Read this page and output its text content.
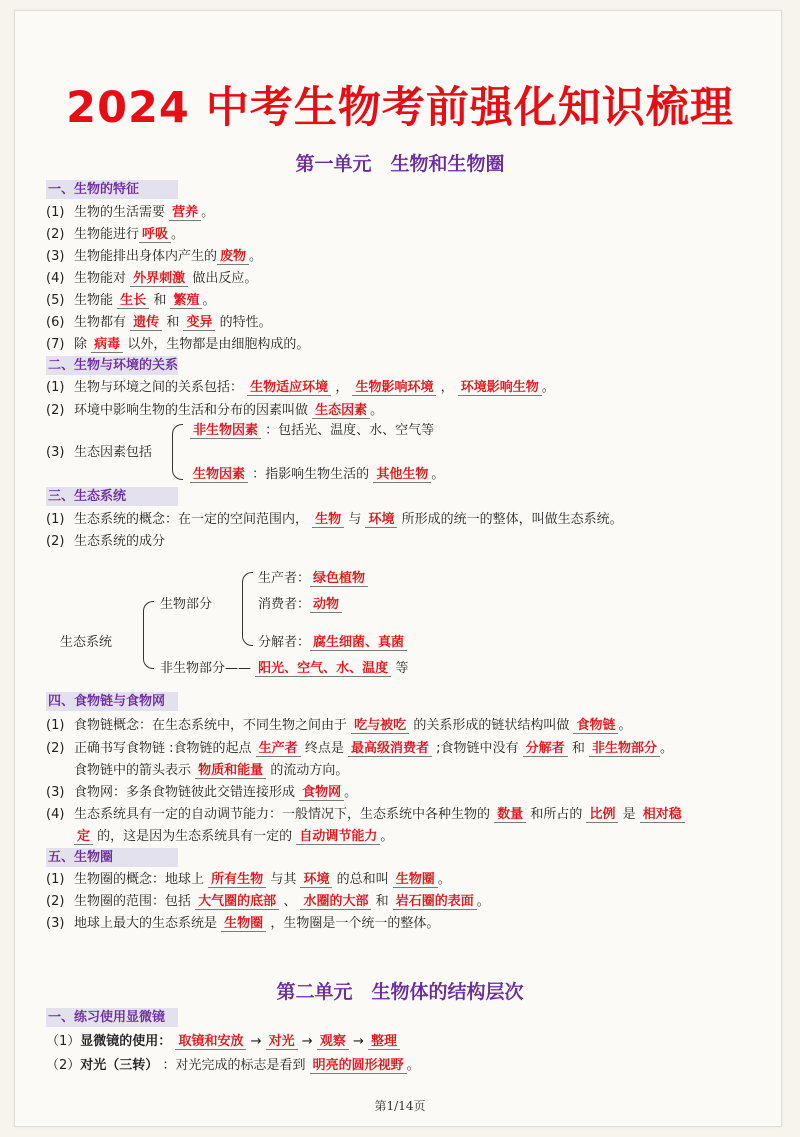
2024 中考生物考前强化知识梳理
第一单元　生物和生物圈
一、生物的特征
(1) 生物的生活需要 营养 。
(2) 生物能进行 呼吸 。
(3) 生物能排出身体内产生的 废物 。
(4) 生物能对 外界刺激 做出反应。
(5) 生物能 生长 和 繁殖 。
(6) 生物都有 遗传 和 变异 的特性。
(7) 除 病毒 以外，生物都是由细胞构成的。
二、生物与环境的关系
(1) 生物与环境之间的关系包括： 生物适应环境 ， 生物影响环境 ， 环境影响生物 。
(2) 环境中影响生物的生活和分布的因素叫做 生态因素 。
(3) 生态因素包括
非生物因素 ：包括光、温度、水、空气等
生物因素 ：指影响生物生活的 其他生物 。
三、生态系统
(1) 生态系统的概念：在一定的空间范围内， 生物 与 环境 所形成的统一的整体，叫做生态系统。
(2) 生态系统的成分
生态系统
生物部分
生产者： 绿色植物
消费者： 动物
分解者： 腐生细菌、真菌
非生物部分—— 阳光、空气、水、温度 等
四、食物链与食物网
(1) 食物链概念：在生态系统中，不同生物之间由于 吃与被吃 的关系形成的链状结构叫做 食物链 。
(2) 正确书写食物链 :食物链的起点 生产者 终点是 最高级消费者 ;食物链中没有 分解者 和 非生物部分 。
食物链中的箭头表示 物质和能量 的流动方向。
(3) 食物网：多条食物链彼此交错连接形成 食物网 。
(4) 生态系统具有一定的自动调节能力：一般情况下，生态系统中各种生物的 数量 和所占的 比例 是 相对稳
定 的，这是因为生态系统具有一定的 自动调节能力 。
五、生物圈
(1) 生物圈的概念：地球上 所有生物 与其 环境 的总和叫 生物圈 。
(2) 生物圈的范围：包括 大气圈的底部 、 水圈的大部 和 岩石圈的表面 。
(3) 地球上最大的生态系统是 生物圈 ，生物圈是一个统一的整体。
第二单元　生物体的结构层次
一、练习使用显微镜
（1）显微镜的使用： 取镜和安放 → 对光 → 观察 → 整理
（2）对光（三转） ：对光完成的标志是看到 明亮的圆形视野 。
第1/14页
